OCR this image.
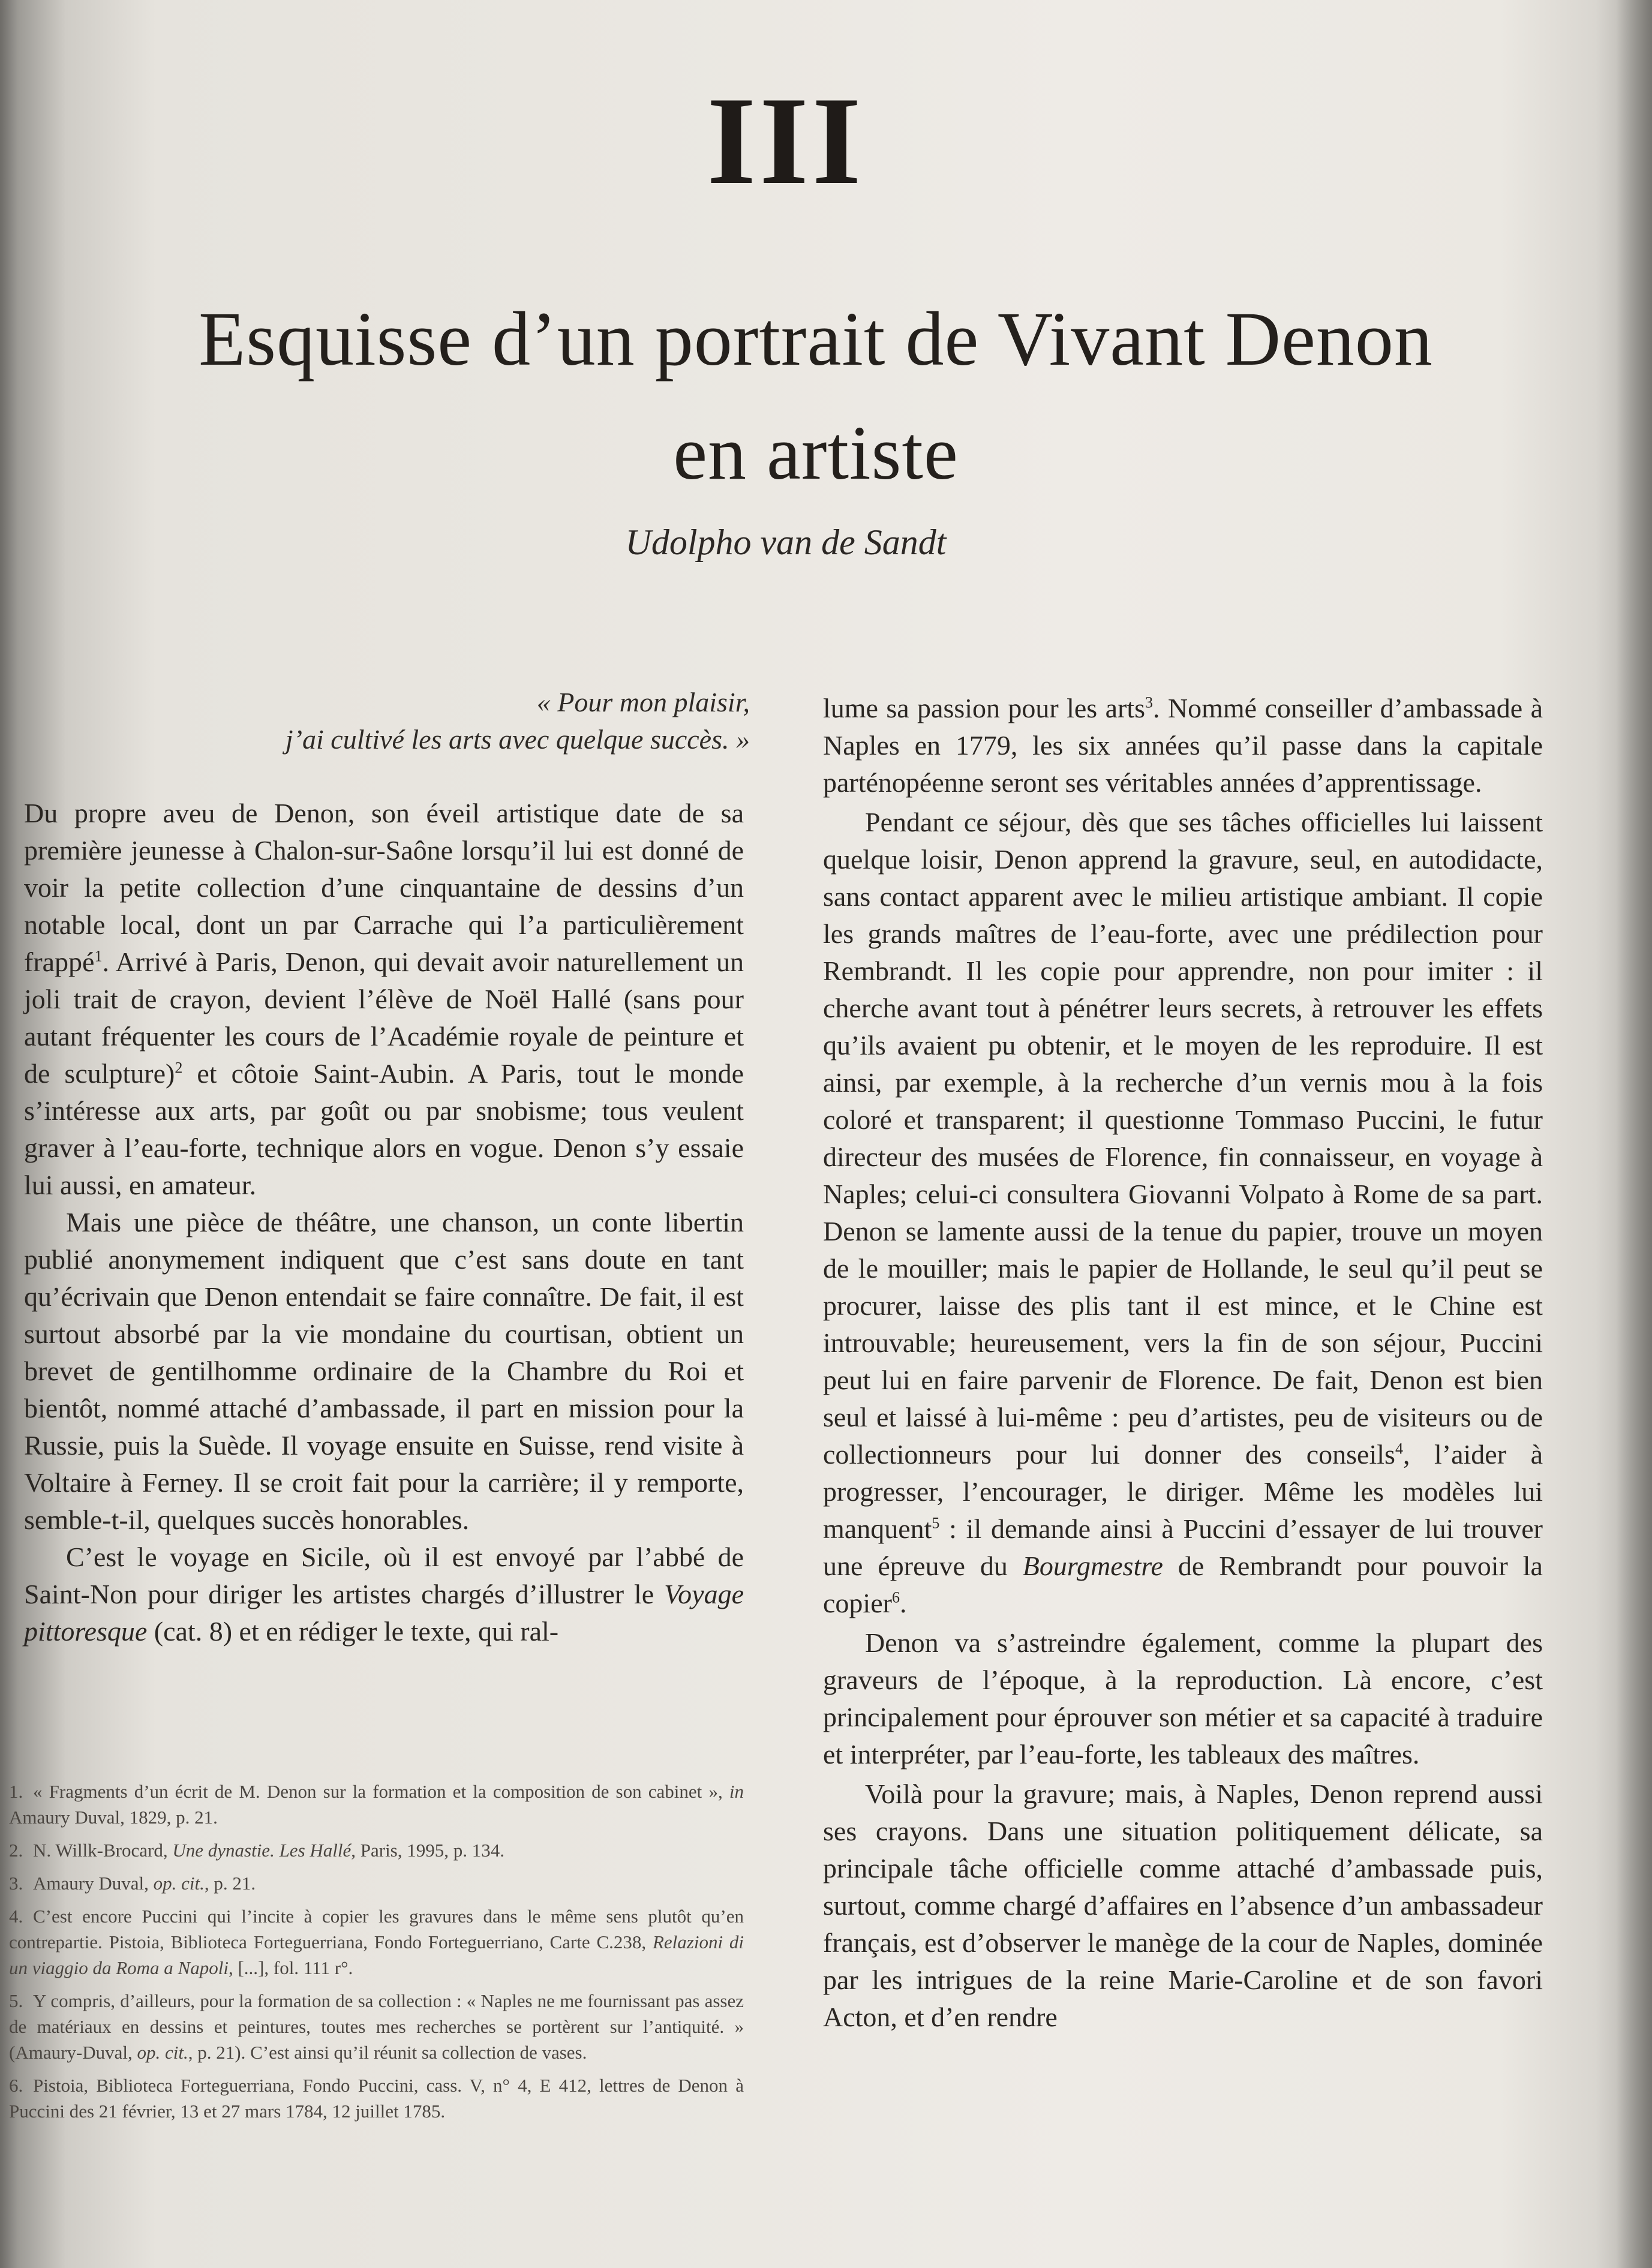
III
Esquisse d’un portrait de Vivant Denon
en artiste
Udolpho van de Sandt
« Pour mon plaisir,
j’ai cultivé les arts avec quelque succès. »

Du propre aveu de Denon, son éveil artistique date de sa première jeunesse à Chalon-sur-Saône lorsqu’il lui est donné de voir la petite collection d’une cinquantaine de dessins d’un notable local, dont un par Carrache qui l’a particulièrement frappé$^1$. Arrivé à Paris, Denon, qui devait avoir naturellement un joli trait de crayon, devient l’élève de Noël Hallé (sans pour autant fréquenter les cours de l’Académie royale de peinture et de sculpture)$^2$ et côtoie Saint-Aubin. A Paris, tout le monde s’intéresse aux arts, par goût ou par snobisme; tous veulent graver à l’eau-forte, technique alors en vogue. Denon s’y essaie lui aussi, en amateur.

Mais une pièce de théâtre, une chanson, un conte libertin publié anonymement indiquent que c’est sans doute en tant qu’écrivain que Denon entendait se faire connaître. De fait, il est surtout absorbé par la vie mondaine du courtisan, obtient un brevet de gentilhomme ordinaire de la Chambre du Roi et bientôt, nommé attaché d’ambassade, il part en mission pour la Russie, puis la Suède. Il voyage ensuite en Suisse, rend visite à Voltaire à Ferney. Il se croit fait pour la carrière; il y remporte, semble-t-il, quelques succès honorables.

C’est le voyage en Sicile, où il est envoyé par l’abbé de Saint-Non pour diriger les artistes chargés d’illustrer le Voyage pittoresque (cat. 8) et en rédiger le texte, qui ral-

lume sa passion pour les arts$^3$. Nommé conseiller d’ambassade à Naples en 1779, les six années qu’il passe dans la capitale parténopéenne seront ses véritables années d’apprentissage.

Pendant ce séjour, dès que ses tâches officielles lui laissent quelque loisir, Denon apprend la gravure, seul, en autodidacte, sans contact apparent avec le milieu artistique ambiant. Il copie les grands maîtres de l’eau-forte, avec une prédilection pour Rembrandt. Il les copie pour apprendre, non pour imiter : il cherche avant tout à pénétrer leurs secrets, à retrouver les effets qu’ils avaient pu obtenir, et le moyen de les reproduire. Il est ainsi, par exemple, à la recherche d’un vernis mou à la fois coloré et transparent; il questionne Tommaso Puccini, le futur directeur des musées de Florence, fin connaisseur, en voyage à Naples; celui-ci consultera Giovanni Volpato à Rome de sa part. Denon se lamente aussi de la tenue du papier, trouve un moyen de le mouiller; mais le papier de Hollande, le seul qu’il peut se procurer, laisse des plis tant il est mince, et le Chine est introuvable; heureusement, vers la fin de son séjour, Puccini peut lui en faire parvenir de Florence. De fait, Denon est bien seul et laissé à lui-même : peu d’artistes, peu de visiteurs ou de collectionneurs pour lui donner des conseils$^4$, l’aider à progresser, l’encourager, le diriger. Même les modèles lui manquent$^5$ : il demande ainsi à Puccini d’essayer de lui trouver une épreuve du Bourgmestre de Rembrandt pour pouvoir la copier$^6$.

Denon va s’astreindre également, comme la plupart des graveurs de l’époque, à la reproduction. Là encore, c’est principalement pour éprouver son métier et sa capacité à traduire et interpréter, par l’eau-forte, les tableaux des maîtres.

Voilà pour la gravure; mais, à Naples, Denon reprend aussi ses crayons. Dans une situation politiquement délicate, sa principale tâche officielle comme attaché d’ambassade puis, surtout, comme chargé d’affaires en l’absence d’un ambassadeur français, est d’observer le manège de la cour de Naples, dominée par les intrigues de la reine Marie-Caroline et de son favori Acton, et d’en rendre

1. « Fragments d’un écrit de M. Denon sur la formation et la composition de son cabinet », in Amaury Duval, 1829, p. 21.

2. N. Willk-Brocard, Une dynastie. Les Hallé, Paris, 1995, p. 134.

3. Amaury Duval, op. cit., p. 21.

4. C’est encore Puccini qui l’incite à copier les gravures dans le même sens plutôt qu’en contrepartie. Pistoia, Biblioteca Forteguerriana, Fondo Forteguerriano, Carte C.238, Relazioni di un viaggio da Roma a Napoli, [...], fol. 111 r°.

5. Y compris, d’ailleurs, pour la formation de sa collection : « Naples ne me fournissant pas assez de matériaux en dessins et peintures, toutes mes recherches se portèrent sur l’antiquité. » (Amaury-Duval, op. cit., p. 21). C’est ainsi qu’il réunit sa collection de vases.

6. Pistoia, Biblioteca Forteguerriana, Fondo Puccini, cass. V, n° 4, E 412, lettres de Denon à Puccini des 21 février, 13 et 27 mars 1784, 12 juillet 1785.
